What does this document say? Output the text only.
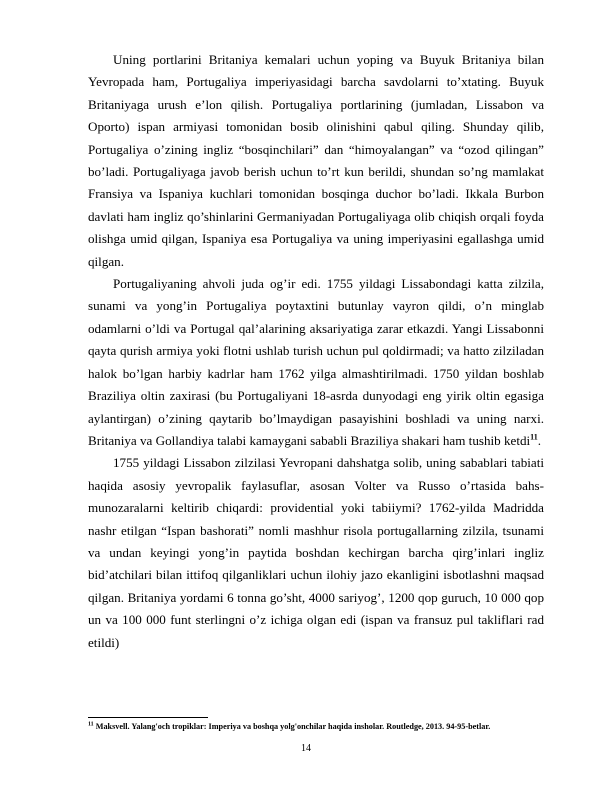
Uning portlarini Britaniya kemalari uchun yoping va Buyuk Britaniya bilan Yevropada ham, Portugaliya imperiyasidagi barcha savdolarni to’xtating. Buyuk Britaniyaga urush e’lon qilish. Portugaliya portlarining (jumladan, Lissabon va Oporto) ispan armiyasi tomonidan bosib olinishini qabul qiling. Shunday qilib, Portugaliya o’zining ingliz “bosqinchilari” dan “himoyalangan” va “ozod qilingan” bo’ladi. Portugaliyaga javob berish uchun to’rt kun berildi, shundan so’ng mamlakat Fransiya va Ispaniya kuchlari tomonidan bosqinga duchor bo’ladi. Ikkala Burbon davlati ham ingliz qo’shinlarini Germaniyadan Portugaliyaga olib chiqish orqali foyda olishga umid qilgan, Ispaniya esa Portugaliya va uning imperiyasini egallashga umid qilgan.

Portugaliyaning ahvoli juda og’ir edi. 1755 yildagi Lissabondagi katta zilzila, sunami va yong’in Portugaliya poytaxtini butunlay vayron qildi, o’n minglab odamlarni o’ldi va Portugal qal’alarining aksariyatiga zarar etkazdi. Yangi Lissabonni qayta qurish armiya yoki flotni ushlab turish uchun pul qoldirmadi; va hatto zilziladan halok bo’lgan harbiy kadrlar ham 1762 yilga almashtirilmadi. 1750 yildan boshlab Braziliya oltin zaxirasi (bu Portugaliyani 18-asrda dunyodagi eng yirik oltin egasiga aylantirgan) o’zining qaytarib bo’lmaydigan pasayishini boshladi va uning narxi. Britaniya va Gollandiya talabi kamaygani sababli Braziliya shakari ham tushib ketdi$^{11}$.

1755 yildagi Lissabon zilzilasi Yevropani dahshatga solib, uning sabablari tabiati haqida asosiy yevropalik faylasuflar, asosan Volter va Russo o’rtasida bahs-munozaralarni keltirib chiqardi: providential yoki tabiiymi? 1762-yilda Madridda nashr etilgan “Ispan bashorati” nomli mashhur risola portugallarning zilzila, tsunami va undan keyingi yong’in paytida boshdan kechirgan barcha qirg’inlari ingliz bid’atchilari bilan ittifoq qilganliklari uchun ilohiy jazo ekanligini isbotlashni maqsad qilgan. Britaniya yordami 6 tonna go’sht, 4000 sariyog’, 1200 qop guruch, 10 000 qop un va 100 000 funt sterlingni o’z ichiga olgan edi (ispan va fransuz pul takliflari rad etildi)

$^{11}$ Maksvell. Yalang'och tropiklar: Imperiya va boshqa yolg'onchilar haqida insholar. Routledge, 2013. 94-95-betlar.
14
